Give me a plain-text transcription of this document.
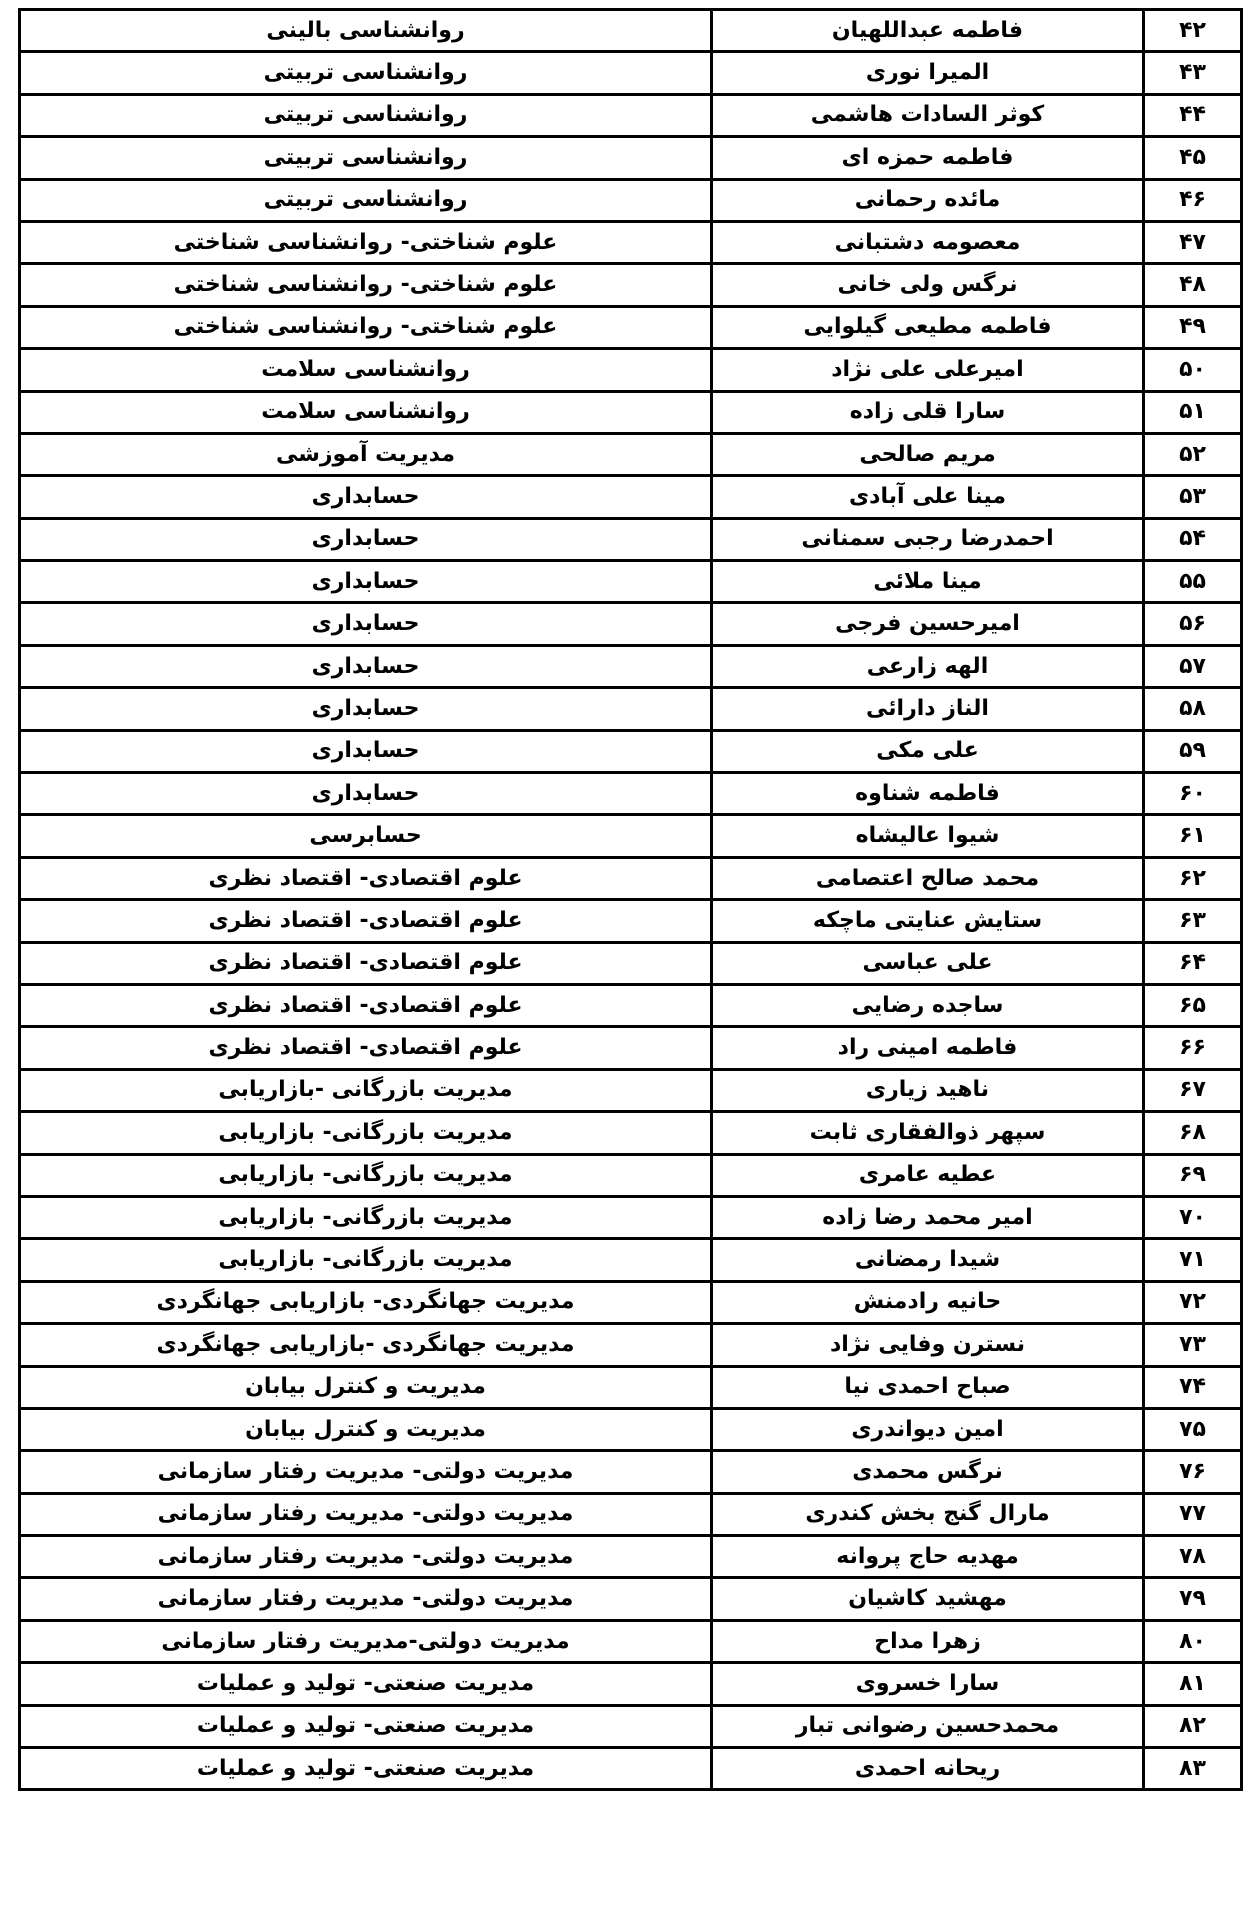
۴۲	فاطمه عبداللهیان	روانشناسی بالینی
۴۳	المیرا نوری	روانشناسی تربیتی
۴۴	کوثر السادات هاشمی	روانشناسی تربیتی
۴۵	فاطمه حمزه ای	روانشناسی تربیتی
۴۶	مائده رحمانی	روانشناسی تربیتی
۴۷	معصومه دشتبانی	علوم شناختی- روانشناسی شناختی
۴۸	نرگس ولی خانی	علوم شناختی- روانشناسی شناختی
۴۹	فاطمه مطیعی گیلوایی	علوم شناختی- روانشناسی شناختی
۵۰	امیرعلی علی نژاد	روانشناسی سلامت
۵۱	سارا قلی زاده	روانشناسی سلامت
۵۲	مریم صالحی	مدیریت آموزشی
۵۳	مینا علی آبادی	حسابداری
۵۴	احمدرضا رجبی سمنانی	حسابداری
۵۵	مینا ملائی	حسابداری
۵۶	امیرحسین فرجی	حسابداری
۵۷	الهه زارعی	حسابداری
۵۸	الناز دارائی	حسابداری
۵۹	علی مکی	حسابداری
۶۰	فاطمه شناوه	حسابداری
۶۱	شیوا عالیشاه	حسابرسی
۶۲	محمد صالح اعتصامی	علوم اقتصادی- اقتصاد نظری
۶۳	ستایش عنایتی ماچکه	علوم اقتصادی- اقتصاد نظری
۶۴	علی عباسی	علوم اقتصادی- اقتصاد نظری
۶۵	ساجده رضایی	علوم اقتصادی- اقتصاد نظری
۶۶	فاطمه امینی راد	علوم اقتصادی- اقتصاد نظری
۶۷	ناهید زیاری	مدیریت بازرگانی -بازاریابی
۶۸	سپهر ذوالفقاری ثابت	مدیریت بازرگانی- بازاریابی
۶۹	عطیه عامری	مدیریت بازرگانی- بازاریابی
۷۰	امیر محمد رضا زاده	مدیریت بازرگانی- بازاریابی
۷۱	شیدا رمضانی	مدیریت بازرگانی- بازاریابی
۷۲	حانیه رادمنش	مدیریت جهانگردی- بازاریابی جهانگردی
۷۳	نسترن وفایی نژاد	مدیریت جهانگردی -بازاریابی جهانگردی
۷۴	صباح احمدی نیا	مدیریت و کنترل بیابان
۷۵	امین دیواندری	مدیریت و کنترل بیابان
۷۶	نرگس محمدی	مدیریت دولتی- مدیریت رفتار سازمانی
۷۷	مارال گنج بخش کندری	مدیریت دولتی- مدیریت رفتار سازمانی
۷۸	مهدیه حاج پروانه	مدیریت دولتی- مدیریت رفتار سازمانی
۷۹	مهشید کاشیان	مدیریت دولتی- مدیریت رفتار سازمانی
۸۰	زهرا مداح	مدیریت دولتی-مدیریت رفتار سازمانی
۸۱	سارا خسروی	مدیریت صنعتی- تولید و عملیات
۸۲	محمدحسین رضوانی تبار	مدیریت صنعتی- تولید و عملیات
۸۳	ریحانه احمدی	مدیریت صنعتی- تولید و عملیات
